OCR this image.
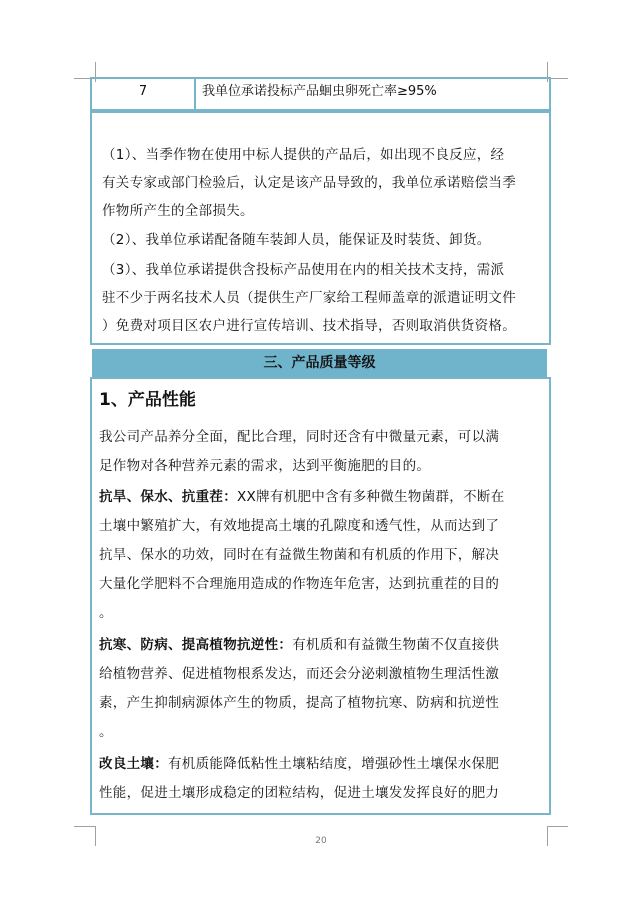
7	我单位承诺投标产品蛔虫卵死亡率≥95%

（1）、当季作物在使用中标人提供的产品后，如出现不良反应，经

有关专家或部门检验后，认定是该产品导致的，我单位承诺赔偿当季

作物所产生的全部损失。

（2）、我单位承诺配备随车装卸人员，能保证及时装货、卸货。

（3）、我单位承诺提供含投标产品使用在内的相关技术支持，需派

驻不少于两名技术人员（提供生产厂家给工程师盖章的派遣证明文件

）免费对项目区农户进行宣传培训、技术指导，否则取消供货资格。

三、产品质量等级
1、产品性能

我公司产品养分全面，配比合理，同时还含有中微量元素，可以满

足作物对各种营养元素的需求，达到平衡施肥的目的。

抗旱、保水、抗重茬：XX牌有机肥中含有多种微生物菌群，不断在

土壤中繁殖扩大，有效地提高土壤的孔隙度和透气性，从而达到了

抗旱、保水的功效，同时在有益微生物菌和有机质的作用下，解决

大量化学肥料不合理施用造成的作物连年危害，达到抗重茬的目的

。

抗寒、防病、提高植物抗逆性：有机质和有益微生物菌不仅直接供

给植物营养、促进植物根系发达，而还会分泌刺激植物生理活性激

素，产生抑制病源体产生的物质，提高了植物抗寒、防病和抗逆性

。

改良土壤：有机质能降低粘性土壤粘结度，增强砂性土壤保水保肥

性能，促进土壤形成稳定的团粒结构，促进土壤发发挥良好的肥力

20
